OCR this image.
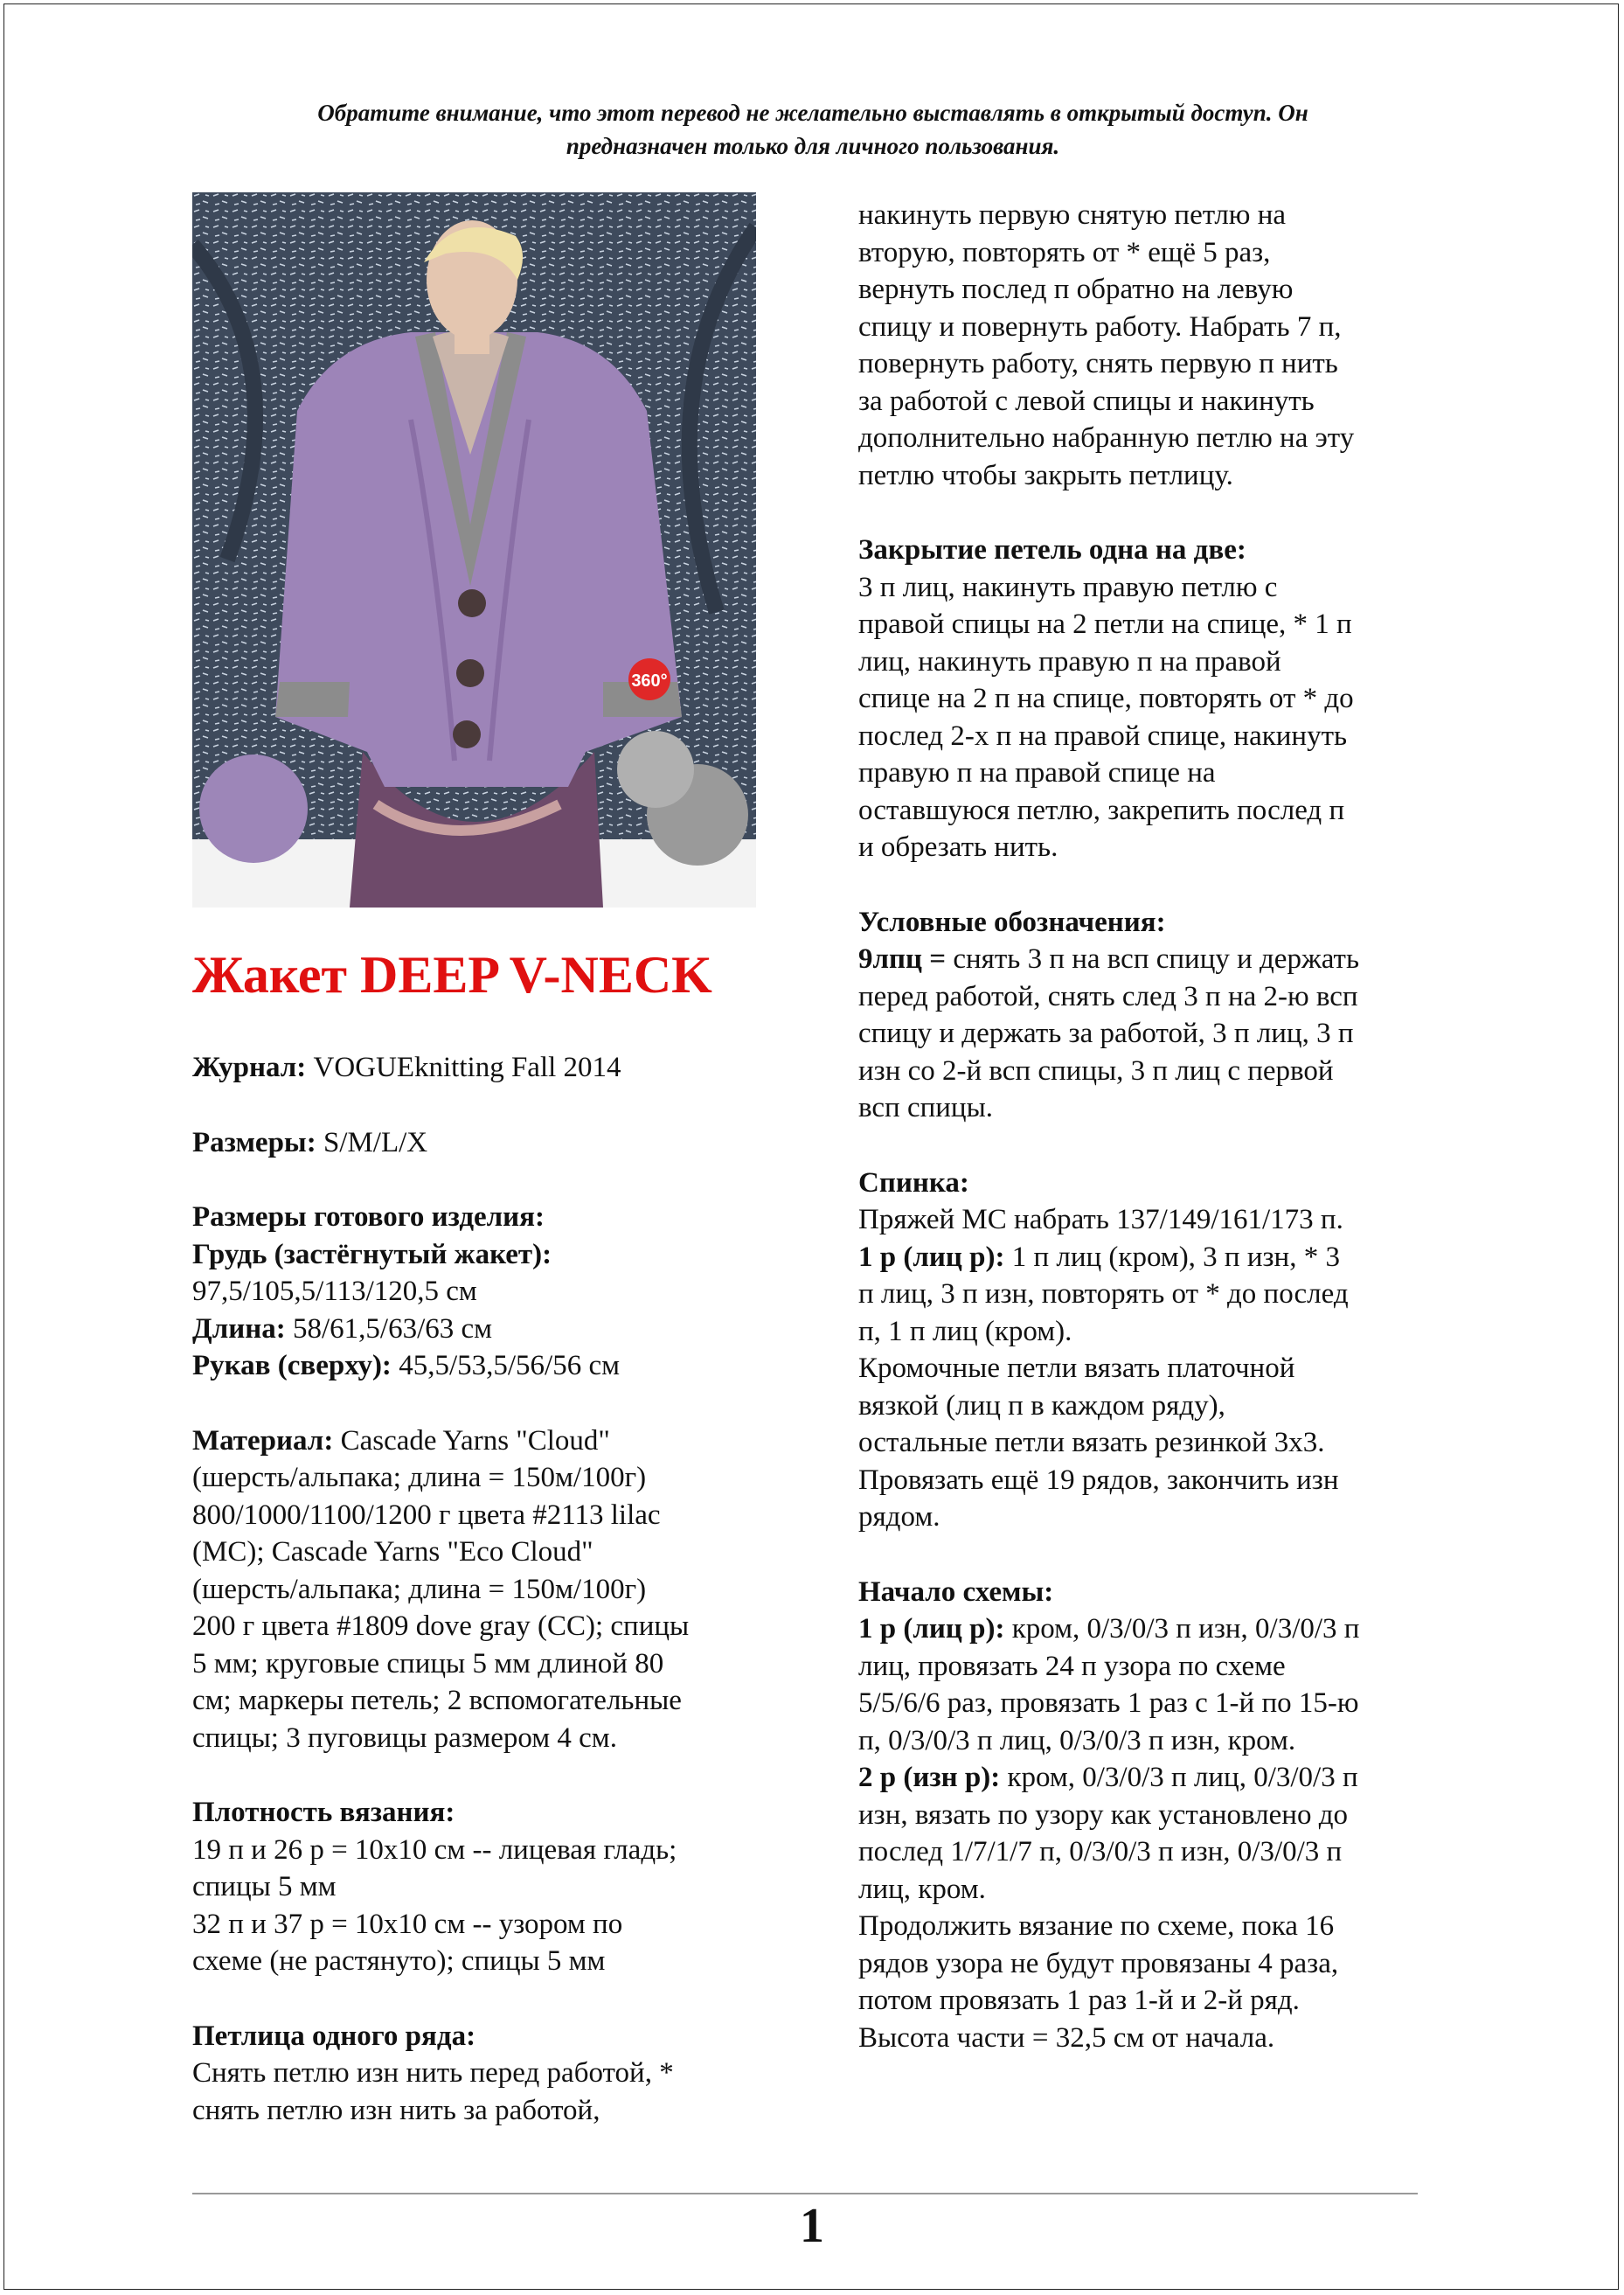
Обратите внимание, что этот перевод не желательно выставлять в открытый доступ. Он
предназначен только для личного пользования.
360°
Жакет DEEP V-NECK
Журнал: VOGUEknitting Fall 2014
Размеры: S/M/L/X
Размеры готового изделия:
Грудь (застёгнутый жакет):
97,5/105,5/113/120,5 см
Длина: 58/61,5/63/63 см
Рукав (сверху): 45,5/53,5/56/56 см
Материал: Cascade Yarns "Cloud"
(шерсть/альпака; длина = 150м/100г)
800/1000/1100/1200 г цвета #2113 lilac
(MC); Cascade Yarns "Eco Cloud"
(шерсть/альпака; длина = 150м/100г)
200 г цвета #1809 dove gray (CC); спицы
5 мм; круговые спицы 5 мм длиной 80
см; маркеры петель; 2 вспомогательные
спицы; 3 пуговицы размером 4 см.
Плотность вязания:
19 п и 26 р = 10x10 см -- лицевая гладь;
спицы 5 мм
32 п и 37 р = 10x10 см -- узором по
схеме (не растянуто); спицы 5 мм
Петлица одного ряда:
Снять петлю изн нить перед работой, *
снять петлю изн нить за работой,
накинуть первую снятую петлю на
вторую, повторять от * ещё 5 раз,
вернуть послед п обратно на левую
спицу и повернуть работу. Набрать 7 п,
повернуть работу, снять первую п нить
за работой с левой спицы и накинуть
дополнительно набранную петлю на эту
петлю чтобы закрыть петлицу.
Закрытие петель одна на две:
3 п лиц, накинуть правую петлю с
правой спицы на 2 петли на спице, * 1 п
лиц, накинуть правую п на правой
спице на 2 п на спице, повторять от * до
послед 2-х п на правой спице, накинуть
правую п на правой спице на
оставшуюся петлю, закрепить послед п
и обрезать нить.
Условные обозначения:
9лпц = снять 3 п на всп спицу и держать
перед работой, снять след 3 п на 2-ю всп
спицу и держать за работой, 3 п лиц, 3 п
изн со 2-й всп спицы, 3 п лиц с первой
всп спицы.
Спинка:
Пряжей MC набрать 137/149/161/173 п.
1 р (лиц р): 1 п лиц (кром), 3 п изн, * 3
п лиц, 3 п изн, повторять от * до послед
п, 1 п лиц (кром).
Кромочные петли вязать платочной
вязкой (лиц п в каждом ряду),
остальные петли вязать резинкой 3x3.
Провязать ещё 19 рядов, закончить изн
рядом.
Начало схемы:
1 р (лиц р): кром, 0/3/0/3 п изн, 0/3/0/3 п
лиц, провязать 24 п узора по схеме
5/5/6/6 раз, провязать 1 раз с 1-й по 15-ю
п, 0/3/0/3 п лиц, 0/3/0/3 п изн, кром.
2 р (изн р): кром, 0/3/0/3 п лиц, 0/3/0/3 п
изн, вязать по узору как установлено до
послед 1/7/1/7 п, 0/3/0/3 п изн, 0/3/0/3 п
лиц, кром.
Продолжить вязание по схеме, пока 16
рядов узора не будут провязаны 4 раза,
потом провязать 1 раз 1-й и 2-й ряд.
Высота части = 32,5 см от начала.
1
